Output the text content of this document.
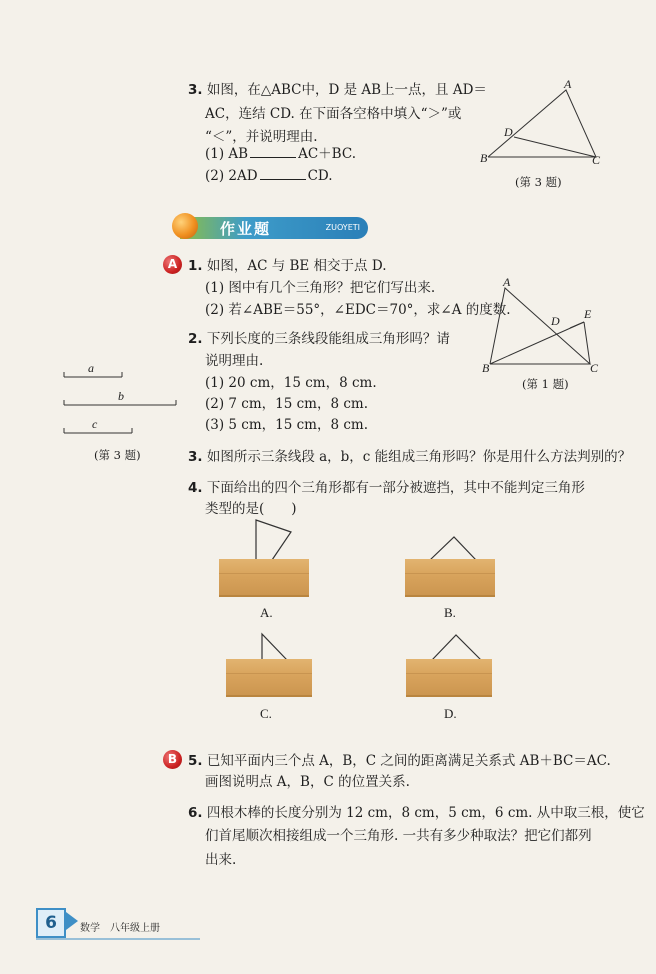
3. 如图，在△ABC中，D 是 AB上一点，且 AD＝
AC，连结 CD. 在下面各空格中填入“＞”或
“＜”，并说明理由.
(1) AB	AC＋BC.
(2) 2AD	CD.
A
B	C
D
(第 3 题)
作业题	ZUOYETI
A 1. 如图，AC 与 BE 相交于点 D.
(1) 图中有几个三角形？把它们写出来.
(2) 若∠ABE＝55°，∠EDC＝70°，求∠A 的度数.
A
B	C
D E
(第 1 题)
2. 下列长度的三条线段能组成三角形吗？请
说明理由.
(1) 20 cm，15 cm，8 cm.
(2) 7 cm，15 cm，8 cm.
(3) 5 cm，15 cm，8 cm.
a
b
c
(第 3 题)	3. 如图所示三条线段 a，b，c 能组成三角形吗？你是用什么方法判别的？
4. 下面给出的四个三角形都有一部分被遮挡，其中不能判定三角形
类型的是(　　)
A.	B.
C.	D.
B 5. 已知平面内三个点 A，B，C 之间的距离满足关系式 AB＋BC＝AC.
画图说明点 A，B，C 的位置关系.
6. 四根木棒的长度分别为 12 cm，8 cm，5 cm，6 cm. 从中取三根，使它
们首尾顺次相接组成一个三角形. 一共有多少种取法？把它们都列
出来.
6	数学　八年级上册
